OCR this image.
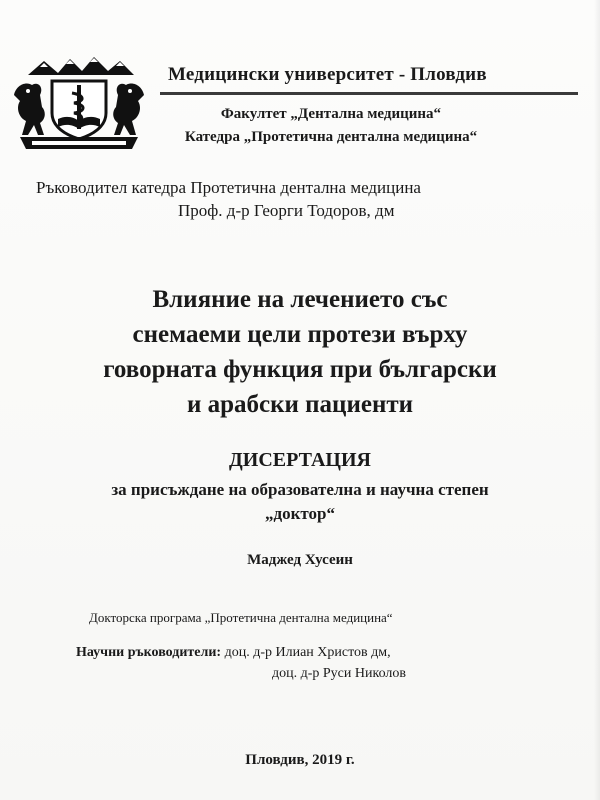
Медицински университет - Пловдив
Факултет „Дентална медицина“
Катедра „Протетична дентална медицина“
Ръководител катедра Протетична дентална медицина
Проф. д-р Георги Тодоров, дм
Влияние на лечението със
снемаеми цели протези върху
говорната функция при български
и арабски пациенти
ДИСЕРТАЦИЯ
за присъждане на образователна и научна степен
„доктор“
Маджед Хусеин
Докторска програма „Протетична дентална медицина“
Научни ръководители: доц. д-р Илиан Христов дм,
доц. д-р Руси Николов
Пловдив, 2019 г.
